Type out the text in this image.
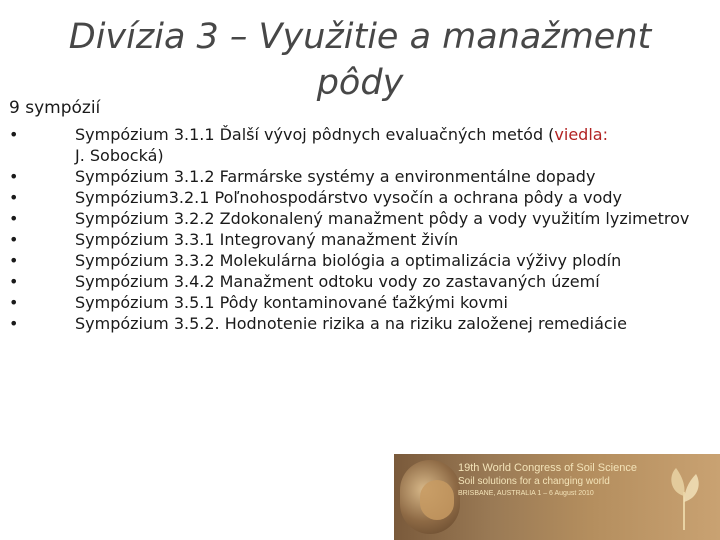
Divízia 3 – Využitie a manažment pôdy
9 sympózií
•	Sympózium 3.1.1 Ďalší vývoj pôdnych evaluačných metód (viedla:
J. Sobocká)
•	Sympózium 3.1.2 Farmárske systémy a environmentálne dopady
•	Sympózium3.2.1 Poľnohospodárstvo vysočín a ochrana pôdy a vody
•	Sympózium 3.2.2 Zdokonalený manažment pôdy a vody využitím lyzimetrov
•	Sympózium 3.3.1 Integrovaný manažment živín
•	Sympózium 3.3.2 Molekulárna biológia a optimalizácia výživy plodín
•	Sympózium 3.4.2 Manažment odtoku vody zo zastavaných území
•	Sympózium 3.5.1 Pôdy kontaminované ťažkými kovmi
•	Sympózium 3.5.2. Hodnotenie rizika a na riziku založenej remediácie
19th World Congress of Soil Science
Soil solutions for a changing world
BRISBANE, AUSTRALIA 1 – 6 August 2010
